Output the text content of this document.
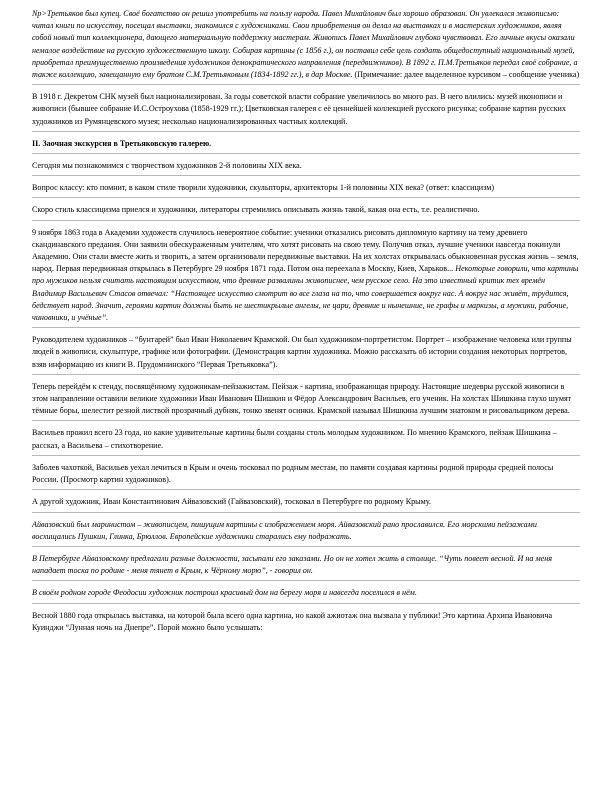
Np>Третьяков был купец. Своё богатство он решил употребить на пользу народа. Павел Михайлович был хорошо образован. Он увлекался живописью: читал книги по искусству, посещал выставки, знакомился с художниками. Свои приобретения он делал на выставках и в мастерских художников, являя собой новый тип коллекционера, дающего материальную поддержку мастерам. Живопись Павел Михайлович глубоко чувствовал. Его личные вкусы оказали немалое воздействие на русскую художественную школу. Собирая картины (с 1856 г.), он поставил себе цель создать общедоступный национальный музей, приобретал преимущественно произведения художников демократического направления (передвижников). В 1892 г. П.М.Третьяков передал своё собрание, а также коллекцию, завещанную ему братом С.М.Третьяковым (1834-1892 гг.), в дар Москве. (Примечание: далее выделенное курсивом – сообщение ученика)

В 1918 г. Декретом СНК музей был национализирован. За годы советской власти собрание увеличилось во много раз. В него влились: музей иконописи и живописи (бывшее собрание И.С.Остроухова (1858-1929 гг.); Цветковская галерея с её ценнейшей коллекцией русского рисунка; собрание картин русских художников из Румянцевского музея; несколько национализированных частных коллекций.

II. Заочная экскурсия в Третьяковскую галерею.

Сегодня мы познакомимся с творчеством художников 2-й половины XIX века.

Вопрос классу: кто помнит, в каком стиле творили художники, скульпторы, архитекторы 1-й половины XIX века? (ответ: классицизм)

Скоро стиль классицизма приелся и художники, литераторы стремились описывать жизнь такой, какая она есть, т.е. реалистично.

9 ноября 1863 года в Академии художеств случилось невероятное событие: ученики отказались рисовать дипломную картину на тему древнего скандинавского предания. Они заявили обескураженным учителям, что хотят рисовать на свою тему. Получив отказ, лучшие ученики навсегда покинули Академию. Они стали вместе жить и творить, а затем организовали передвижные выставки. На их холстах открывалась обыкновенная русская жизнь – земля, народ. Первая передвижная открылась в Петербурге 29 ноября 1871 года. Потом она переехала в Москву, Киев, Харьков... Некоторые говорили, что картины про мужиков нельзя считать настоящим искусством, что древние развалины живописнее, чем русское село. На это известный критик тех времён Владимир Васильевич Стасов отвечал: “Настоящее искусство смотрит во все глаза на то, что совершается вокруг нас. А вокруг нас живёт, трудится, бедствует народ. Значит, героями картин должны быть не шестикрылые ангелы, не цари, древние и нынешние, не графы и маркизы, а мужики, рабочие, чиновники, и учёные”.

Руководителем художников – “бунтарей” был Иван Николаевич Крамской. Он был художником-портретистом. Портрет – изображение человека или группы людей в живописи, скульптуре, графике или фотографии. (Демонстрация картин художника. Можно рассказать об истории создания некоторых портретов, взяв информацию из книги В. Прудомнинского “Первая Третьяковка”).

Теперь перейдём к стенду, посвящённому художникам-пейзажистам. Пейзаж - картина, изображающая природу. Настоящие шедевры русской живописи в этом направлении оставили великие художники Иван Иванович Шишкин и Фёдор Александрович Васильев, его ученик. На холстах Шишкина глухо шумят тёмные боры, шелестит резной листвой прозрачный дубняк, тонко звенят осинки. Крамской называл Шишкина лучшим знатоком и рисовальщиком дерева.

Васильев прожил всего 23 года, но какие удивительные картины были созданы столь молодым художником. По мнению Крамского, пейзаж Шишкина – рассказ, а Васильева – стихотворение.

Заболев чахоткой, Васильев уехал лечиться в Крым и очень тосковал по родным местам, по памяти создавая картины родной природы средней полосы России. (Просмотр картин художников).

А другой художник, Иван Константинович Айвазовский (Гайвазовский), тосковал в Петербурге по родному Крыму.

Айвазовский был маринистом – живописцем, пишущим картины с изображением моря. Айвазовский рано прославился. Его морскими пейзажами восхищались Пушкин, Глинка, Брюллов. Европейские художники старались ему подражать.

В Петербурге Айвазовскому предлагали разные должности, засыпали его заказами. Но он не хотел жить в столице. “Чуть повеет весной. И на меня нападает тоска по родине - меня тянет в Крым, к Чёрному морю”, - говорил он.

В своём родном городе Феодосии художник построил красивый дом на берегу моря и навсегда поселился в нём.

Весной 1880 года открылась выставка, на которой была всего одна картина, но какой ажиотаж она вызвала у публики! Это картина Архипа Ивановича Куинджи “Лунная ночь на Днепре”. Порой можно было услышать:
